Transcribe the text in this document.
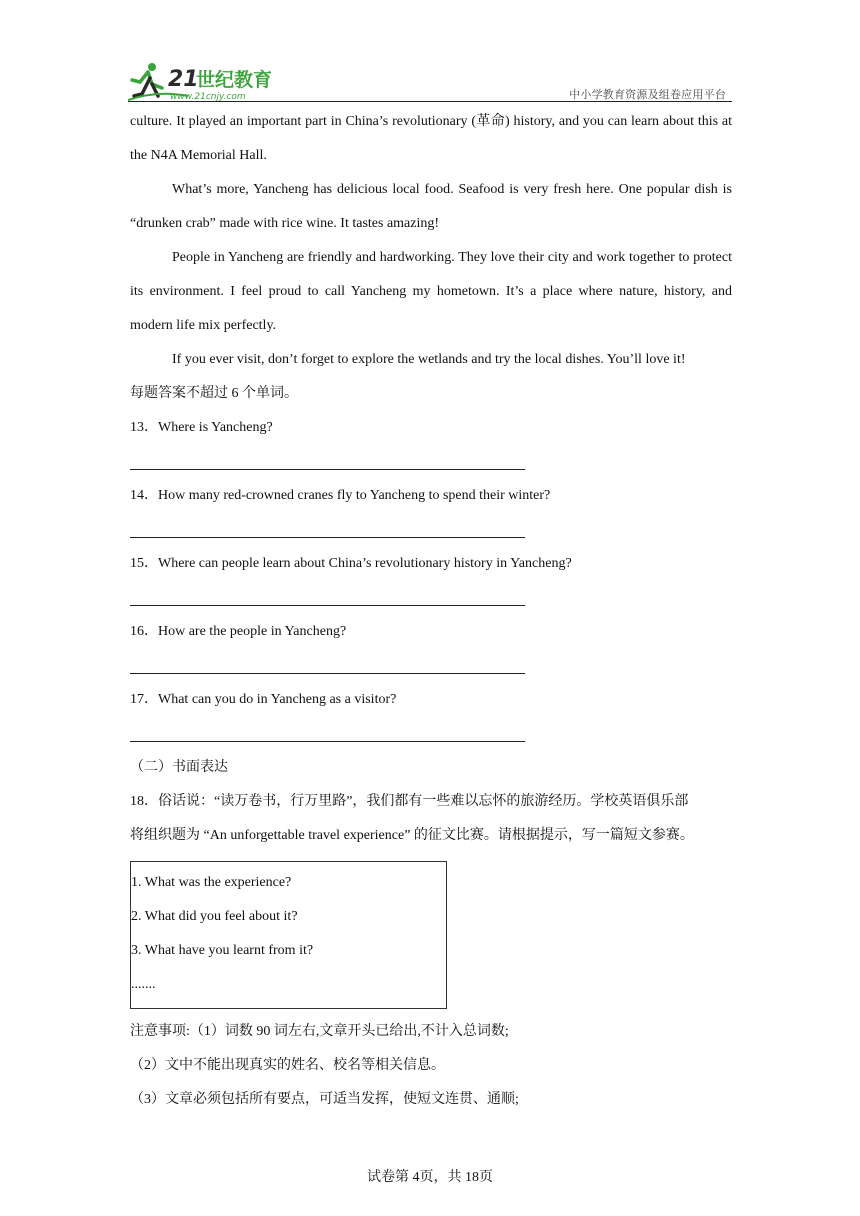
21
世纪教育
www.21cnjy.com	中小学教育资源及组卷应用平台

culture. It played an important part in China’s revolutionary (革命) history, and you can learn about this at the N4A Memorial Hall.

What’s more, Yancheng has delicious local food. Seafood is very fresh here. One popular dish is “drunken crab” made with rice wine. It tastes amazing!

People in Yancheng are friendly and hardworking. They love their city and work together to protect its environment. I feel proud to call Yancheng my hometown. It’s a place where nature, history, and modern life mix perfectly.

If you ever visit, don’t forget to explore the wetlands and try the local dishes. You’ll love it!

每题答案不超过 6 个单词。

13．Where is Yancheng?

14．How many red-crowned cranes fly to Yancheng to spend their winter?

15．Where can people learn about China’s revolutionary history in Yancheng?

16．How are the people in Yancheng?

17．What can you do in Yancheng as a visitor?

（二）书面表达

18．俗话说：“读万卷书，行万里路”，我们都有一些难以忘怀的旅游经历。学校英语俱乐部

将组织题为 “An unforgettable travel experience” 的征文比赛。请根据提示，写一篇短文参赛。

1. What was the experience?

2. What did you feel about it?

3. What have you learnt from it?

.......

注意事项:（1）词数 90 词左右,文章开头已给出,不计入总词数;

（2）文中不能出现真实的姓名、校名等相关信息。

（3）文章必须包括所有要点，可适当发挥，使短文连贯、通顺;

试卷第 4页，共 18页
